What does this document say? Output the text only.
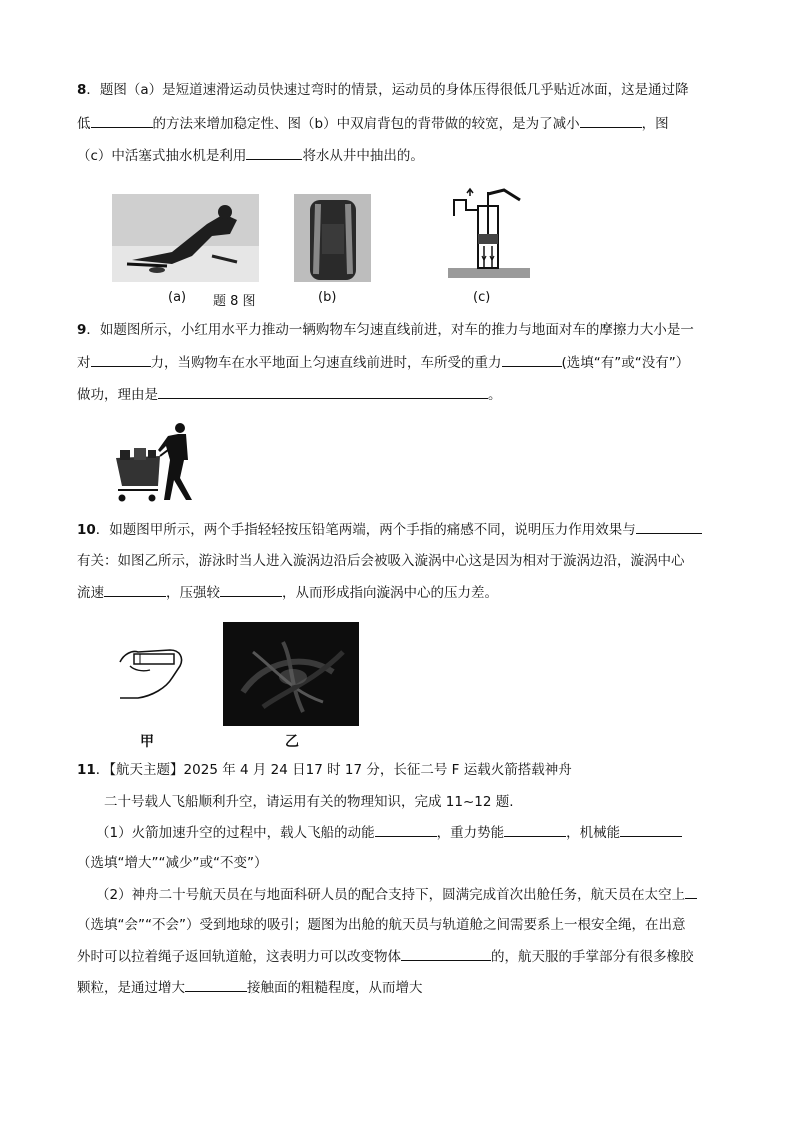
8．题图（a）是短道速滑运动员快速过弯时的情景，运动员的身体压得很低几乎贴近冰面，这是通过降
低	的方法来增加稳定性、图（b）中双肩背包的背带做的较宽，是为了减小	，图
（c）中活塞式抽水机是利用	将水从井中抽出的。
(a) 题 8 图	(b)	(c)
9．如题图所示，小红用水平力推动一辆购物车匀速直线前进，对车的推力与地面对车的摩擦力大小是一
对	力，当购物车在水平地面上匀速直线前进时，车所受的重力	(选填“有”或“没有”）
做功，理由是	。
10．如题图甲所示，两个手指轻轻按压铅笔两端，两个手指的痛感不同，说明压力作用效果与
有关：如图乙所示，游泳时当人进入漩涡边沿后会被吸入漩涡中心这是因为相对于漩涡边沿，漩涡中心
流速	，压强较	，从而形成指向漩涡中心的压力差。
甲	乙
11．【航天主题】2025 年 4 月 24 日17 时 17 分，长征二号 F 运载火箭搭载神舟
二十号载人飞船顺利升空，请运用有关的物理知识，完成 11~12 题.
（1）火箭加速升空的过程中，载人飞船的动能	，重力势能	，机械能
（选填“增大”“减少”或“不变”）
（2）神舟二十号航天员在与地面科研人员的配合支持下，圆满完成首次出舱任务，航天员在太空上
（选填“会”“不会”）受到地球的吸引；题图为出舱的航天员与轨道舱之间需要系上一根安全绳，在出意
外时可以拉着绳子返回轨道舱，这表明力可以改变物体	的，航天服的手掌部分有很多橡胶
颗粒，是通过增大	接触面的粗糙程度，从而增大
